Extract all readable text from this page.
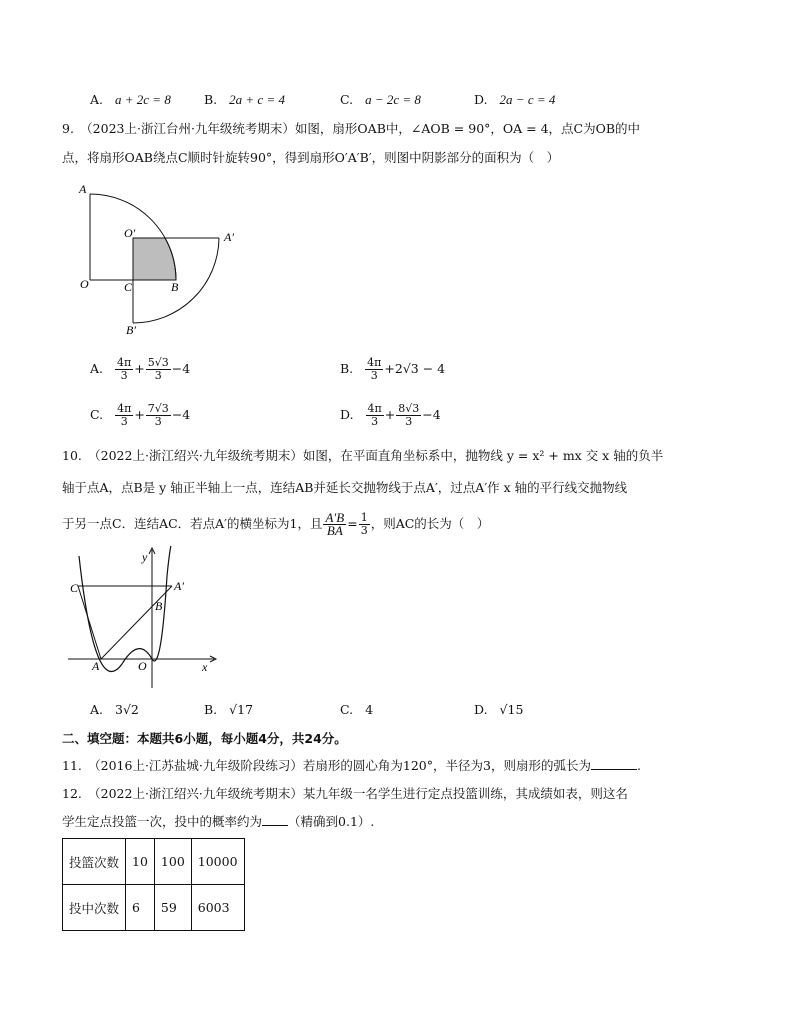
A. a + 2c = 8	B. 2a + c = 4	C. a − 2c = 8	D. 2a − c = 4
9.　（2023上·浙江台州·九年级统考期末）如图，扇形OAB中，∠AOB = 90°，OA = 4，点C为OB的中
点，将扇形OAB绕点C顺时针旋转90°，得到扇形O′A′B′，则图中阴影部分的面积为（　）
A
O′	A′
O	C	B
B′
A. $\frac{4\pi}{3} + \frac{5√3}{3} -4$	B. $\frac{4\pi}{3} +2√3 - 4$
C. $\frac{4\pi}{3} + \frac{7√3}{3} -4$	D. $\frac{4\pi}{3} + \frac{8√3}{3} -4$
10.　（2022上·浙江绍兴·九年级统考期末）如图，在平面直角坐标系中，抛物线 y = x² + mx 交 x 轴的负半
轴于点A，点B是 y 轴正半轴上一点，连结AB并延长交抛物线于点A′，过点A′作 x 轴的平行线交抛物线
于另一点C．连结AC．若点A′的横坐标为1，且 $\frac{A'B}{BA} = \frac{1}{3}$ ，则AC的长为（　）
y
C	A′
B
A	O	x
A. 3√2	B. √17	C. 4	D. √15
二、填空题：本题共6小题，每小题4分，共24分。
11.　（2016上·江苏盐城·九年级阶段练习）若扇形的圆心角为120°，半径为3，则扇形的弧长为	.
12.　（2022上·浙江绍兴·九年级统考期末）某九年级一名学生进行定点投篮训练，其成绩如表，则这名
学生定点投篮一次，投中的概率约为 （精确到0.1）.
投篮次数	10	100	10000
投中次数	6	59	6003
